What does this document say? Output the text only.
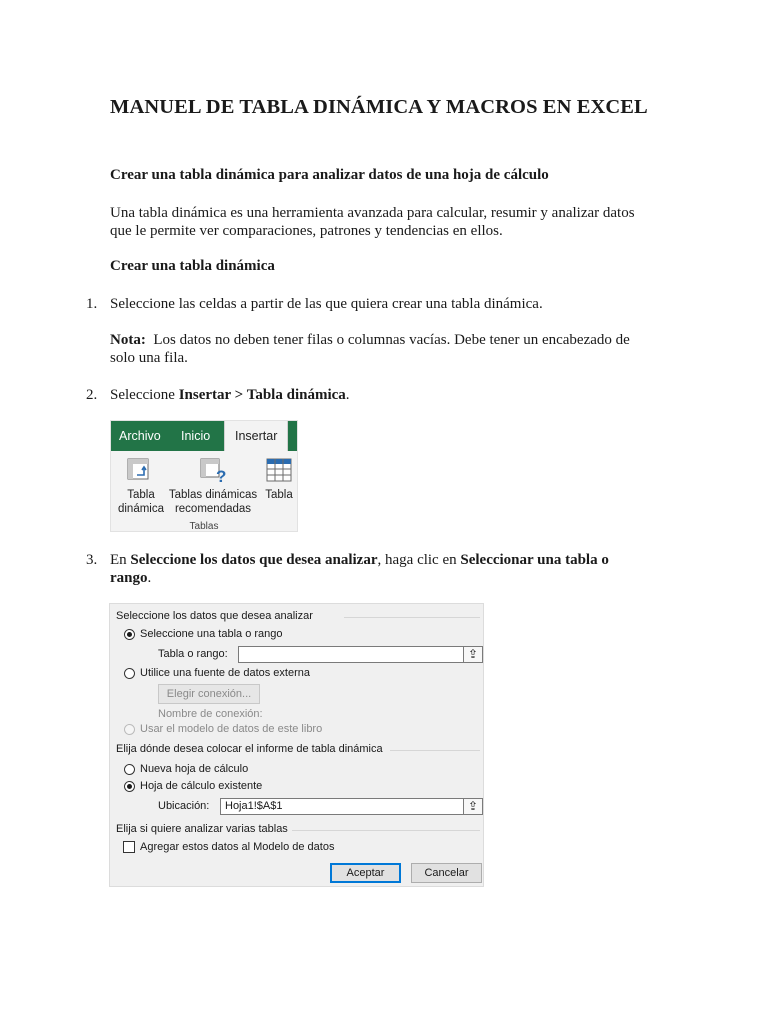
MANUEL DE TABLA DINÁMICA Y MACROS EN EXCEL

Crear una tabla dinámica para analizar datos de una hoja de cálculo

Una tabla dinámica es una herramienta avanzada para calcular, resumir y analizar datos

que le permite ver comparaciones, patrones y tendencias en ellos.

Crear una tabla dinámica

1. Seleccione las celdas a partir de las que quiera crear una tabla dinámica.

Nota: Los datos no deben tener filas o columnas vacías. Debe tener un encabezado de

solo una fila.

2. Seleccione Insertar > Tabla dinámica.

Archivo Inicio	Insertar
Tabla
dinámica
?
Tablas dinámicas
recomendadas
Tabla
Tablas

3. En Seleccione los datos que desea analizar, haga clic en Seleccionar una tabla o

rango.

Seleccione los datos que desea analizar
Seleccione una tabla o rango
Tabla o rango:	⇪
Utilice una fuente de datos externa
Elegir conexión...
Nombre de conexión:
Usar el modelo de datos de este libro
Elija dónde desea colocar el informe de tabla dinámica
Nueva hoja de cálculo
Hoja de cálculo existente
Ubicación:	Hoja1!$A$1	⇪
Elija si quiere analizar varias tablas
Agregar estos datos al Modelo de datos
Aceptar	Cancelar
